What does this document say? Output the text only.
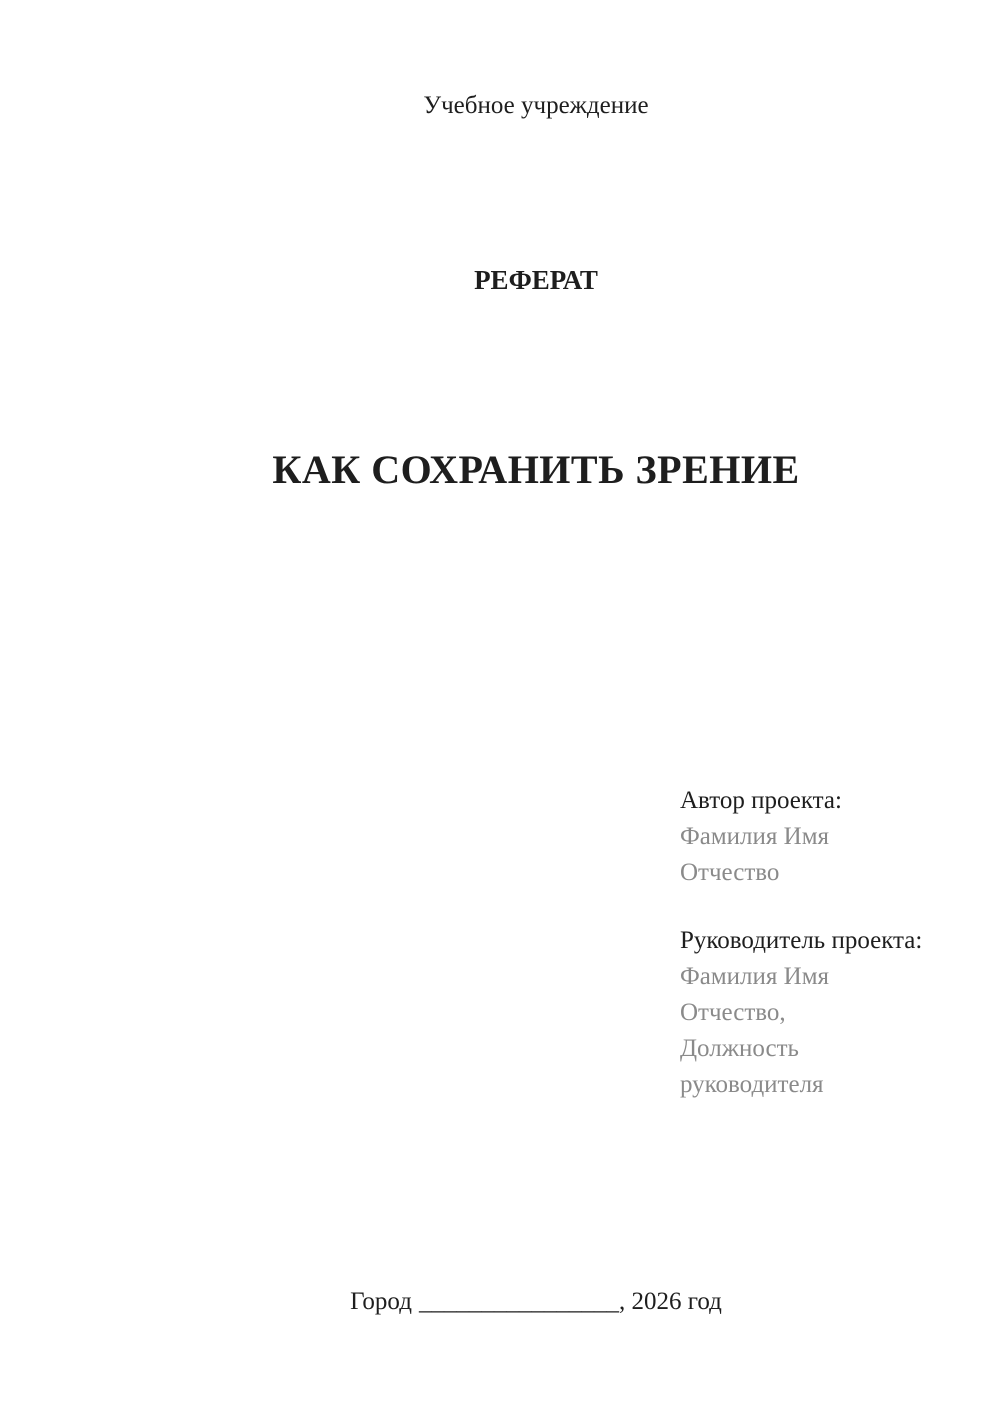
Учебное учреждение
РЕФЕРАТ
КАК СОХРАНИТЬ ЗРЕНИЕ
Автор проекта:
Фамилия Имя Отчество
Руководитель проекта:
Фамилия Имя Отчество,
Должность руководителя
Город ________________, 2026 год
